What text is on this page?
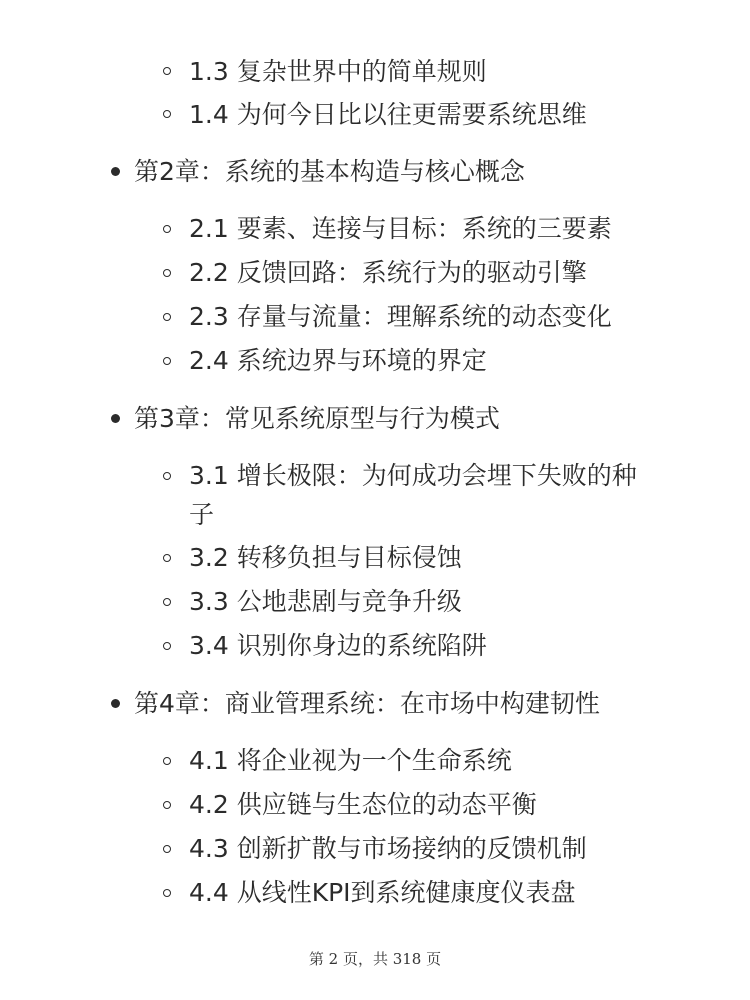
1.3 复杂世界中的简单规则
1.4 为何今日比以往更需要系统思维
第2章：系统的基本构造与核心概念
2.1 要素、连接与目标：系统的三要素
2.2 反馈回路：系统行为的驱动引擎
2.3 存量与流量：理解系统的动态变化
2.4 系统边界与环境的界定
第3章：常见系统原型与行为模式
3.1 增长极限：为何成功会埋下失败的种
子
3.2 转移负担与目标侵蚀
3.3 公地悲剧与竞争升级
3.4 识别你身边的系统陷阱
第4章：商业管理系统：在市场中构建韧性
4.1 将企业视为一个生命系统
4.2 供应链与生态位的动态平衡
4.3 创新扩散与市场接纳的反馈机制
4.4 从线性KPI到系统健康度仪表盘
第 2 页，共 318 页
